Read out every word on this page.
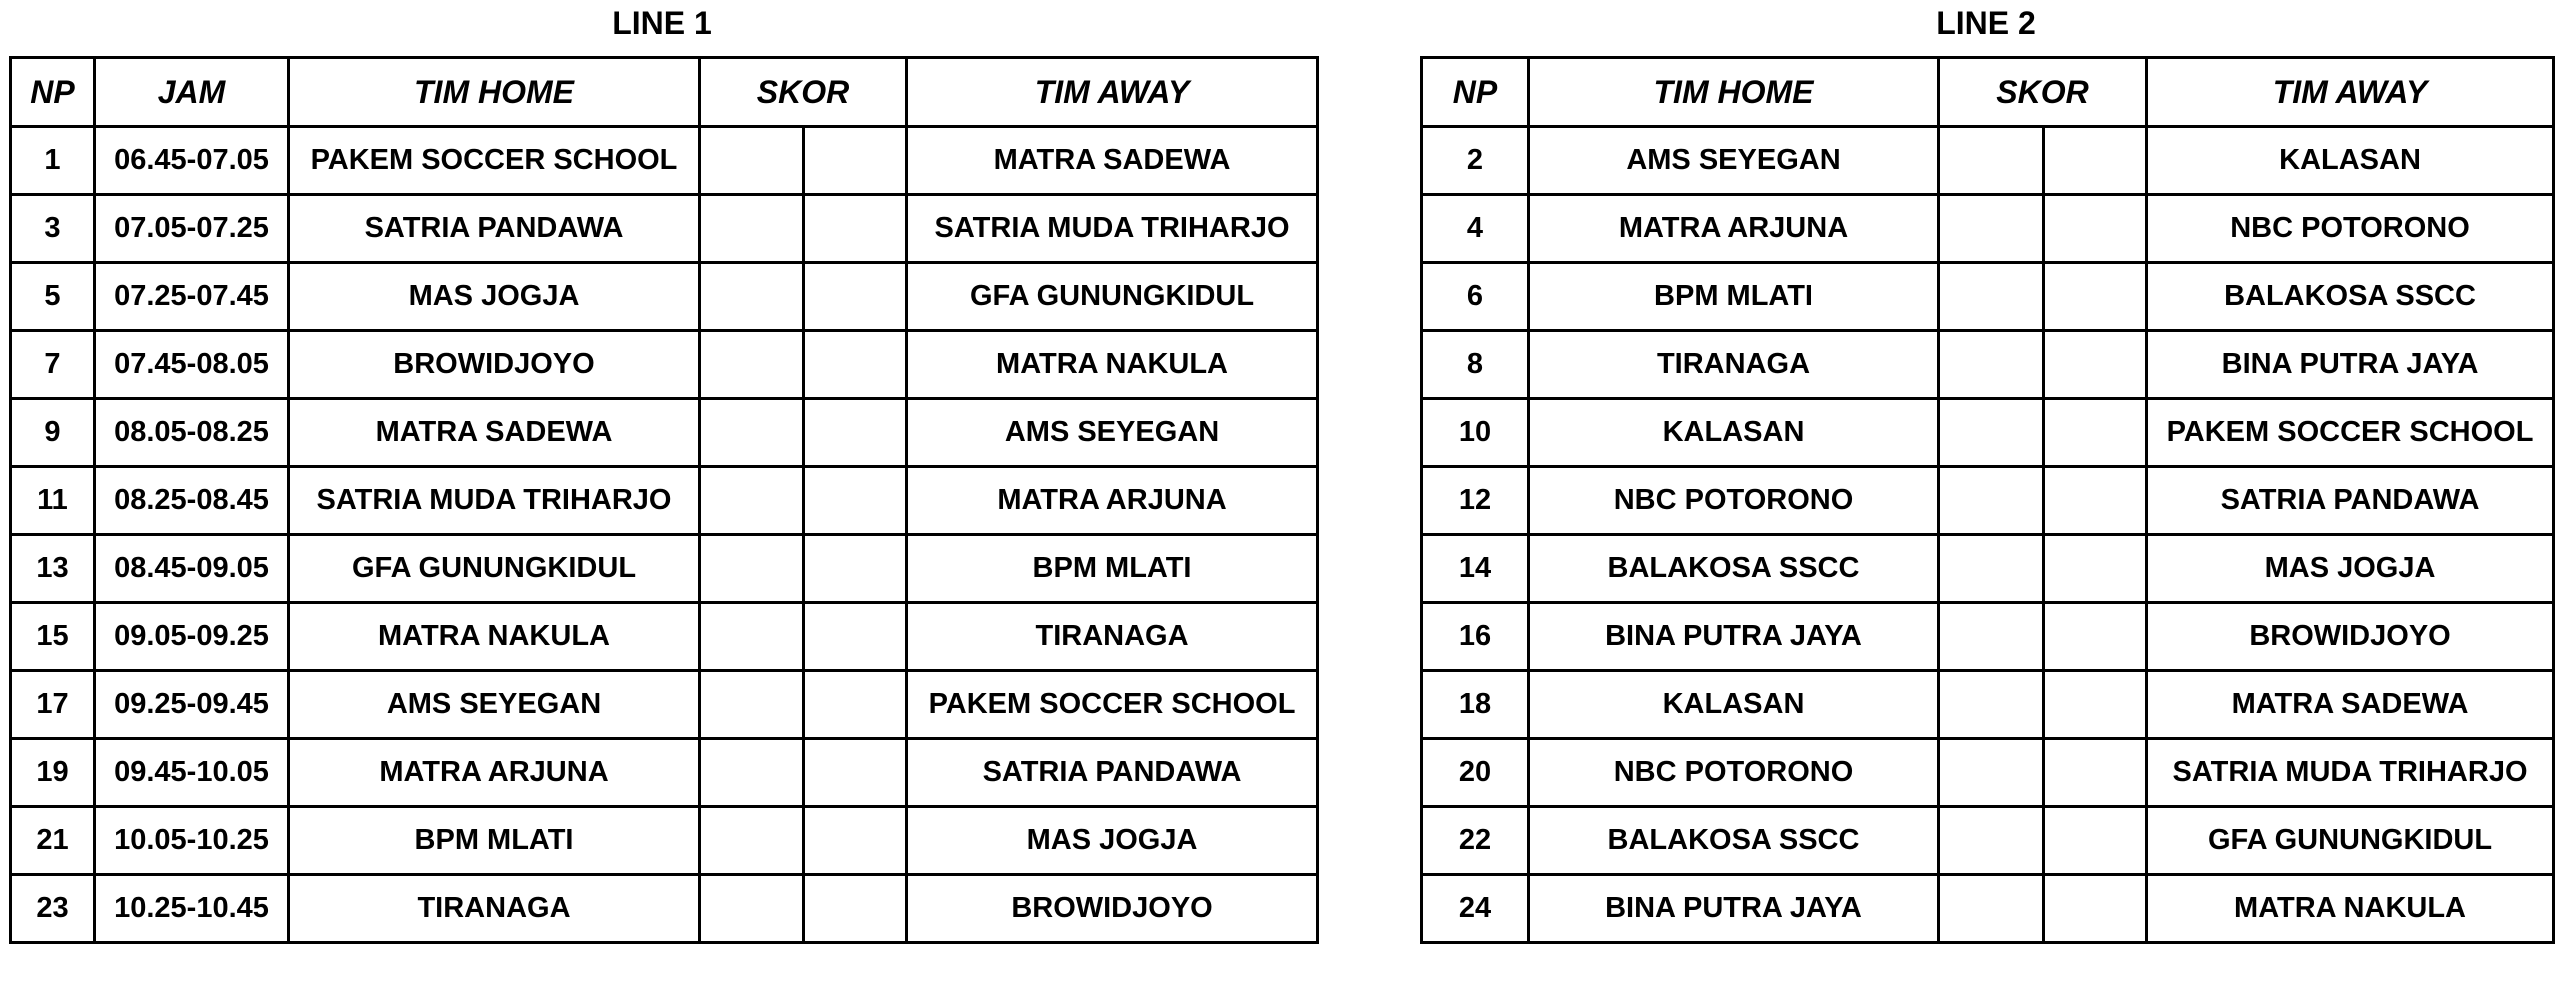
LINE 1	LINE 2
NP	JAM	TIM HOME	SKOR		TIM AWAY
1	06.45-07.05	PAKEM SOCCER SCHOOL			MATRA SADEWA
3	07.05-07.25	SATRIA PANDAWA			SATRIA MUDA TRIHARJO
5	07.25-07.45	MAS JOGJA			GFA GUNUNGKIDUL
7	07.45-08.05	BROWIDJOYO			MATRA NAKULA
9	08.05-08.25	MATRA SADEWA			AMS SEYEGAN
11	08.25-08.45	SATRIA MUDA TRIHARJO			MATRA ARJUNA
13	08.45-09.05	GFA GUNUNGKIDUL			BPM MLATI
15	09.05-09.25	MATRA NAKULA			TIRANAGA
17	09.25-09.45	AMS SEYEGAN			PAKEM SOCCER SCHOOL
19	09.45-10.05	MATRA ARJUNA			SATRIA PANDAWA
21	10.05-10.25	BPM MLATI			MAS JOGJA
23	10.25-10.45	TIRANAGA			BROWIDJOYO
NP	TIM HOME	SKOR		TIM AWAY
2	AMS SEYEGAN			KALASAN
4	MATRA ARJUNA			NBC POTORONO
6	BPM MLATI			BALAKOSA SSCC
8	TIRANAGA			BINA PUTRA JAYA
10	KALASAN			PAKEM SOCCER SCHOOL
12	NBC POTORONO			SATRIA PANDAWA
14	BALAKOSA SSCC			MAS JOGJA
16	BINA PUTRA JAYA			BROWIDJOYO
18	KALASAN			MATRA SADEWA
20	NBC POTORONO			SATRIA MUDA TRIHARJO
22	BALAKOSA SSCC			GFA GUNUNGKIDUL
24	BINA PUTRA JAYA			MATRA NAKULA
